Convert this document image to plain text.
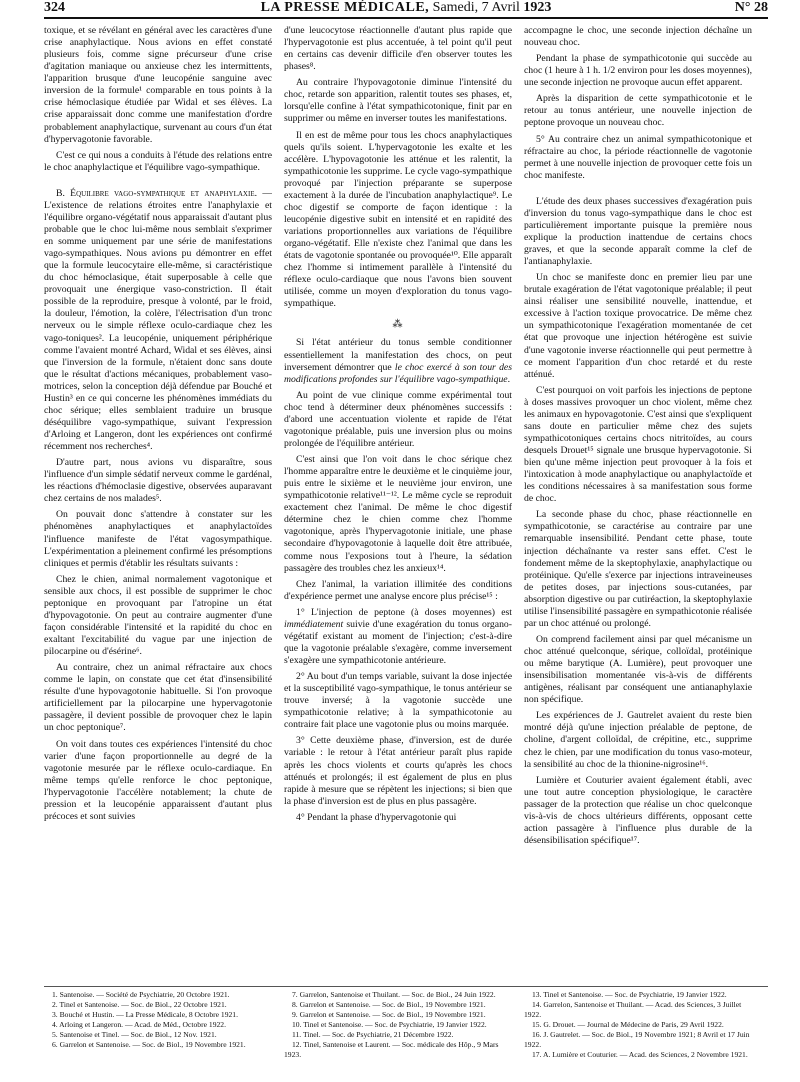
324	LA PRESSE MÉDICALE, Samedi, 7 Avril 1923	N° 28

toxique, et se révélant en général avec les caractères d'une crise anaphylactique. Nous avions en effet constaté plusieurs fois, comme signe précurseur d'une crise d'agitation maniaque ou anxieuse chez les intermittents, l'apparition brusque d'une leucopénie sanguine avec inversion de la formule¹ comparable en tous points à la crise hémoclasique étudiée par Widal et ses élèves. La crise apparaissait donc comme une manifestation d'ordre probablement anaphylactique, survenant au cours d'un état d'hypervagotonie favorable.

C'est ce qui nous a conduits à l'étude des relations entre le choc anaphylactique et l'équilibre vago-sympathique.

B. Équilibre vago-sympathique et anaphylaxie. — L'existence de relations étroites entre l'anaphylaxie et l'équilibre organo-végétatif nous apparaissait d'autant plus probable que le choc lui-même nous semblait s'exprimer en somme uniquement par une série de manifestations vago-sympathiques. Nous avions pu démontrer en effet que la formule leucocytaire elle-même, si caractéristique du choc hémoclasique, était superposable à celle que provoquait une énergique vaso-constriction. Il était possible de la reproduire, presque à volonté, par le froid, la douleur, l'émotion, la colère, l'électrisation d'un tronc nerveux ou le simple réflexe oculo-cardiaque chez les vago-toniques². La leucopénie, uniquement périphérique comme l'avaient montré Achard, Widal et ses élèves, ainsi que l'inversion de la formule, n'étaient donc sans doute que le résultat d'actions mécaniques, probablement vaso-motrices, selon la conception déjà défendue par Bouché et Hustin³ en ce qui concerne les phénomènes immédiats du choc sérique; elles semblaient traduire un brusque déséquilibre vago-sympathique, suivant l'expression d'Arloing et Langeron, dont les expériences ont confirmé récemment nos recherches⁴.

D'autre part, nous avions vu disparaître, sous l'influence d'un simple sédatif nerveux comme le gardénal, les réactions d'hémoclasie digestive, observées auparavant chez certains de nos malades⁵.

On pouvait donc s'attendre à constater sur les phénomènes anaphylactiques et anaphylactoïdes l'influence manifeste de l'état vagosympathique. L'expérimentation a pleinement confirmé les présomptions cliniques et permis d'établir les résultats suivants :

Chez le chien, animal normalement vagotonique et sensible aux chocs, il est possible de supprimer le choc peptonique en provoquant par l'atropine un état d'hypovagotonie. On peut au contraire augmenter d'une façon considérable l'intensité et la rapidité du choc en exaltant l'excitabilité du vague par une injection de pilocarpine ou d'ésérine⁶.

Au contraire, chez un animal réfractaire aux chocs comme le lapin, on constate que cet état d'insensibilité résulte d'une hypovagotonie habituelle. Si l'on provoque artificiellement par la pilocarpine une hypervagotonie passagère, il devient possible de provoquer chez le lapin un choc peptonique⁷.

On voit dans toutes ces expériences l'intensité du choc varier d'une façon proportionnelle au degré de la vagotonie mesurée par le réflexe oculo-cardiaque. En même temps qu'elle renforce le choc peptonique, l'hypervagotonie l'accélère notablement; la chute de pression et la leucopénie apparaissent d'autant plus précoces et sont suivies

d'une leucocytose réactionnelle d'autant plus rapide que l'hypervagotonie est plus accentuée, à tel point qu'il peut en certains cas devenir difficile d'en observer toutes les phases⁸.

Au contraire l'hypovagotonie diminue l'intensité du choc, retarde son apparition, ralentit toutes ses phases, et, lorsqu'elle confine à l'état sympathicotonique, finit par en supprimer ou même en inverser toutes les manifestations.

Il en est de même pour tous les chocs anaphylactiques quels qu'ils soient. L'hypervagotonie les exalte et les accélère. L'hypovagotonie les atténue et les ralentit, la sympathicotonie les supprime. Le cycle vago-sympathique provoqué par l'injection préparante se superpose exactement à la durée de l'incubation anaphylactique⁹. Le choc digestif se comporte de façon identique : la leucopénie digestive subit en intensité et en rapidité des variations proportionnelles aux variations de l'équilibre organo-végétatif. Elle n'existe chez l'animal que dans les états de vagotonie spontanée ou provoquée¹⁰. Elle apparaît chez l'homme si intimement parallèle à l'intensité du réflexe oculo-cardiaque que nous l'avons bien souvent utilisée, comme un moyen d'exploration du tonus vago-sympathique.

⁂

Si l'état antérieur du tonus semble conditionner essentiellement la manifestation des chocs, on peut inversement démontrer que le choc exercé à son tour des modifications profondes sur l'équilibre vago-sympathique.

Au point de vue clinique comme expérimental tout choc tend à déterminer deux phénomènes successifs : d'abord une accentuation violente et rapide de l'état vagotonique préalable, puis une inversion plus ou moins prolongée de l'équilibre antérieur.

C'est ainsi que l'on voit dans le choc sérique chez l'homme apparaître entre le deuxième et le cinquième jour, puis entre le sixième et le neuvième jour environ, une sympathicotonie relative¹¹⁻¹². Le même cycle se reproduit exactement chez l'animal. De même le choc digestif détermine chez le chien comme chez l'homme vagotonique, après l'hypervagotonie initiale, une phase secondaire d'hypovagotonie à laquelle doit être attribuée, comme nous l'exposions tout à l'heure, la sédation passagère des troubles chez les anxieux¹⁴.

Chez l'animal, la variation illimitée des conditions d'expérience permet une analyse encore plus précise¹⁵ :

1° L'injection de peptone (à doses moyennes) est immédiatement suivie d'une exagération du tonus organo-végétatif existant au moment de l'injection; c'est-à-dire que la vagotonie préalable s'exagère, comme inversement s'exagère une sympathicotonie antérieure.

2° Au bout d'un temps variable, suivant la dose injectée et la susceptibilité vago-sympathique, le tonus antérieur se trouve inversé; à la vagotonie succède une sympathicotonie relative; à la sympathicotonie au contraire fait place une vagotonie plus ou moins marquée.

3° Cette deuxième phase, d'inversion, est de durée variable : le retour à l'état antérieur paraît plus rapide après les chocs violents et courts qu'après les chocs atténués et prolongés; il est également de plus en plus rapide à mesure que se répètent les injections; si bien que la phase d'inversion est de plus en plus passagère.

4° Pendant la phase d'hypervagotonie qui

accompagne le choc, une seconde injection déchaîne un nouveau choc.

Pendant la phase de sympathicotonie qui succède au choc (1 heure à 1 h. 1/2 environ pour les doses moyennes), une seconde injection ne provoque aucun effet apparent.

Après la disparition de cette sympathicotonie et le retour au tonus antérieur, une nouvelle injection de peptone provoque un nouveau choc.

5° Au contraire chez un animal sympathicotonique et réfractaire au choc, la période réactionnelle de vagotonie permet à une nouvelle injection de provoquer cette fois un choc manifeste.

L'étude des deux phases successives d'exagération puis d'inversion du tonus vago-sympathique dans le choc est particulièrement importante puisque la première nous explique la production inattendue de certains chocs graves, et que la seconde apparaît comme la clef de l'antianaphylaxie.

Un choc se manifeste donc en premier lieu par une brutale exagération de l'état vagotonique préalable; il peut ainsi réaliser une sensibilité nouvelle, inattendue, et excessive à l'action toxique provocatrice. De même chez un sympathicotonique l'exagération momentanée de cet état que provoque une injection hétérogène est suivie d'une vagotonie inverse réactionnelle qui peut permettre à ce moment l'apparition d'un choc retardé et du reste atténué.

C'est pourquoi on voit parfois les injections de peptone à doses massives provoquer un choc violent, même chez les animaux en hypovagotonie. C'est ainsi que s'expliquent sans doute en particulier même chez des sujets sympathicotoniques certains chocs nitritoïdes, au cours desquels Drouet¹⁵ signale une brusque hypervagotonie. Si bien qu'une même injection peut provoquer à la fois et l'intoxication à mode anaphylactique ou anaphylactoïde et les conditions nécessaires à sa manifestation sous forme de choc.

La seconde phase du choc, phase réactionnelle en sympathicotonie, se caractérise au contraire par une remarquable insensibilité. Pendant cette phase, toute injection déchaînante va rester sans effet. C'est le fondement même de la skeptophylaxie, anaphylactique ou protéinique. Qu'elle s'exerce par injections intraveineuses de petites doses, par injections sous-cutanées, par absorption digestive ou par cutiréaction, la skeptophylaxie utilise l'insensibilité passagère en sympathicotonie réalisée par un choc atténué ou prolongé.

On comprend facilement ainsi par quel mécanisme un choc atténué quelconque, sérique, colloïdal, protéinique ou même barytique (A. Lumière), peut provoquer une insensibilisation momentanée vis-à-vis de différents antigènes, réalisant par conséquent une antianaphylaxie non spécifique.

Les expériences de J. Gautrelet avaient du reste bien montré déjà qu'une injection préalable de peptone, de choline, d'argent colloïdal, de crépitine, etc., supprime chez le chien, par une modification du tonus vaso-moteur, la sensibilité au choc de la thionine-nigrosine¹⁶.

Lumière et Couturier avaient également établi, avec une tout autre conception physiologique, le caractère passager de la protection que réalise un choc quelconque vis-à-vis de chocs ultérieurs différents, opposant cette action passagère à l'influence plus durable de la désensibilisation spécifique¹⁷.

1. Santenoise. — Société de Psychiatrie, 20 Octobre 1921.
2. Tinel et Santenoise. — Soc. de Biol., 22 Octobre 1921.
3. Bouché et Hustin. — La Presse Médicale, 8 Octobre 1921.
4. Arloing et Langeron. — Acad. de Méd., Octobre 1922.
5. Santenoise et Tinel. — Soc. de Biol., 12 Nov. 1921.
6. Garrelon et Santenoise. — Soc. de Biol., 19 Novembre 1921.
7. Garrelon, Santenoise et Thuilant. — Soc. de Biol., 24 Juin 1922.
8. Garrelon et Santenoise. — Soc. de Biol., 19 Novembre 1921.
9. Garrelon et Santenoise. — Soc. de Biol., 19 Novembre 1921.
10. Tinel et Santenoise. — Soc. de Psychiatrie, 19 Janvier 1922.
11. Tinel. — Soc. de Psychiatrie, 21 Décembre 1922.
12. Tinel, Santenoise et Laurent. — Soc. médicale des Hôp., 9 Mars 1923.
13. Tinel et Santenoise. — Soc. de Psychiatrie, 19 Janvier 1922.
14. Garrelon, Santenoise et Thuilant. — Acad. des Sciences, 3 Juillet 1922.
15. G. Drouet. — Journal de Médecine de Paris, 29 Avril 1922.
16. J. Gautrelet. — Soc. de Biol., 19 Novembre 1921; 8 Avril et 17 Juin 1922.
17. A. Lumière et Couturier. — Acad. des Sciences, 2 Novembre 1921.
